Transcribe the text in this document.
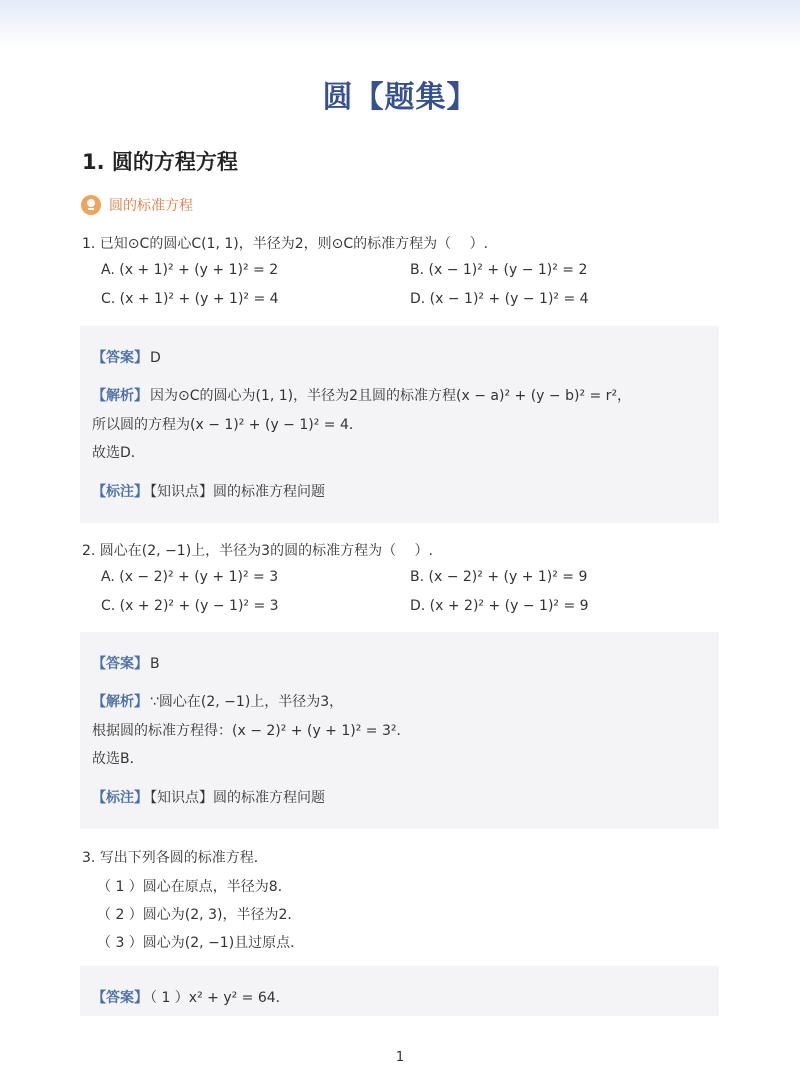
圆【题集】
1. 圆的方程方程
圆的标准方程
1. 已知⊙C的圆心C(1, 1)，半径为2，则⊙C的标准方程为（　 ）.
A. (x + 1)² + (y + 1)² = 2	B. (x − 1)² + (y − 1)² = 2
C. (x + 1)² + (y + 1)² = 4	D. (x − 1)² + (y − 1)² = 4
【答案】 D
【解析】 因为⊙C的圆心为(1, 1)，半径为2且圆的标准方程(x − a)² + (y − b)² = r²，
所以圆的方程为(x − 1)² + (y − 1)² = 4．
故选D．
【标注】 【知识点】圆的标准方程问题
2. 圆心在(2, −1)上，半径为3的圆的标准方程为（　 ）.
A. (x − 2)² + (y + 1)² = 3	B. (x − 2)² + (y + 1)² = 9
C. (x + 2)² + (y − 1)² = 3	D. (x + 2)² + (y − 1)² = 9
【答案】 B
【解析】 ∵圆心在(2, −1)上，半径为3，
根据圆的标准方程得：(x − 2)² + (y + 1)² = 3²．
故选B．
【标注】 【知识点】圆的标准方程问题
3. 写出下列各圆的标准方程．
（ 1 ）圆心在原点，半径为8．
（ 2 ）圆心为(2, 3)，半径为2．
（ 3 ）圆心为(2, −1)且过原点．
【答案】 （ 1 ）x² + y² = 64．
1
